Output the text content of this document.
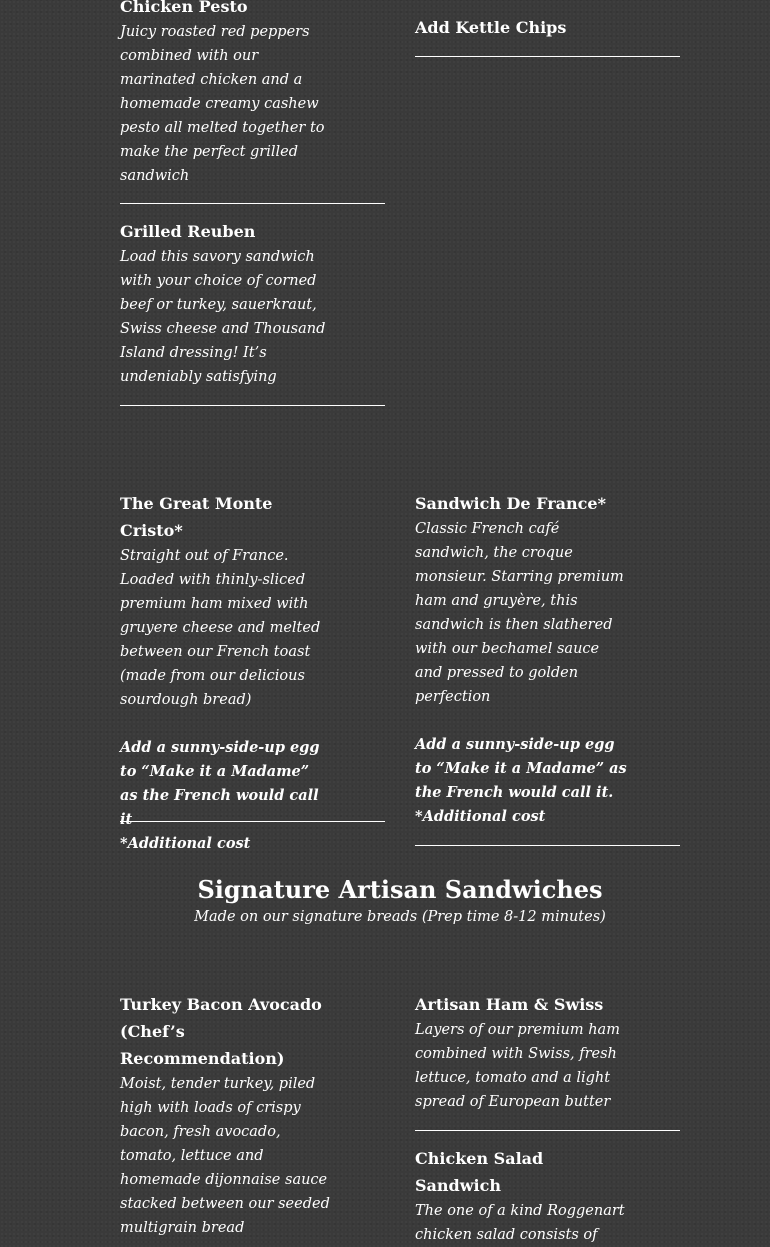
Chicken Pesto

Juicy roasted red peppers combined with our marinated chicken and a homemade creamy cashew pesto all melted together to make the perfect grilled sandwich

Add Kettle Chips
Grilled Reuben

Load this savory sandwich with your choice of corned beef or turkey, sauerkraut, Swiss cheese and Thousand Island dressing! It’s undeniably satisfying

The Great Monte Cristo*

Straight out of France. Loaded with thinly-sliced premium ham mixed with gruyere cheese and melted between our French toast (made from our delicious sourdough bread)

Add a sunny-side-up egg to “Make it a Madame” as the French would call it

*Additional cost

Sandwich De France*

Classic French café sandwich, the croque monsieur. Starring premium ham and gruyère, this sandwich is then slathered with our bechamel sauce and pressed to golden perfection

Add a sunny-side-up egg to “Make it a Madame” as the French would call it.

*Additional cost

Signature Artisan Sandwiches

Made on our signature breads (Prep time 8-12 minutes)

Turkey Bacon Avocado (Chef’s Recommendation)

Moist, tender turkey, piled high with loads of crispy bacon, fresh avocado, tomato, lettuce and homemade dijonnaise sauce stacked between our seeded multigrain bread

Artisan Ham & Swiss

Layers of our premium ham combined with Swiss, fresh lettuce, tomato and a light spread of European butter

Chicken Salad Sandwich

The one of a kind Roggenart chicken salad consists of
